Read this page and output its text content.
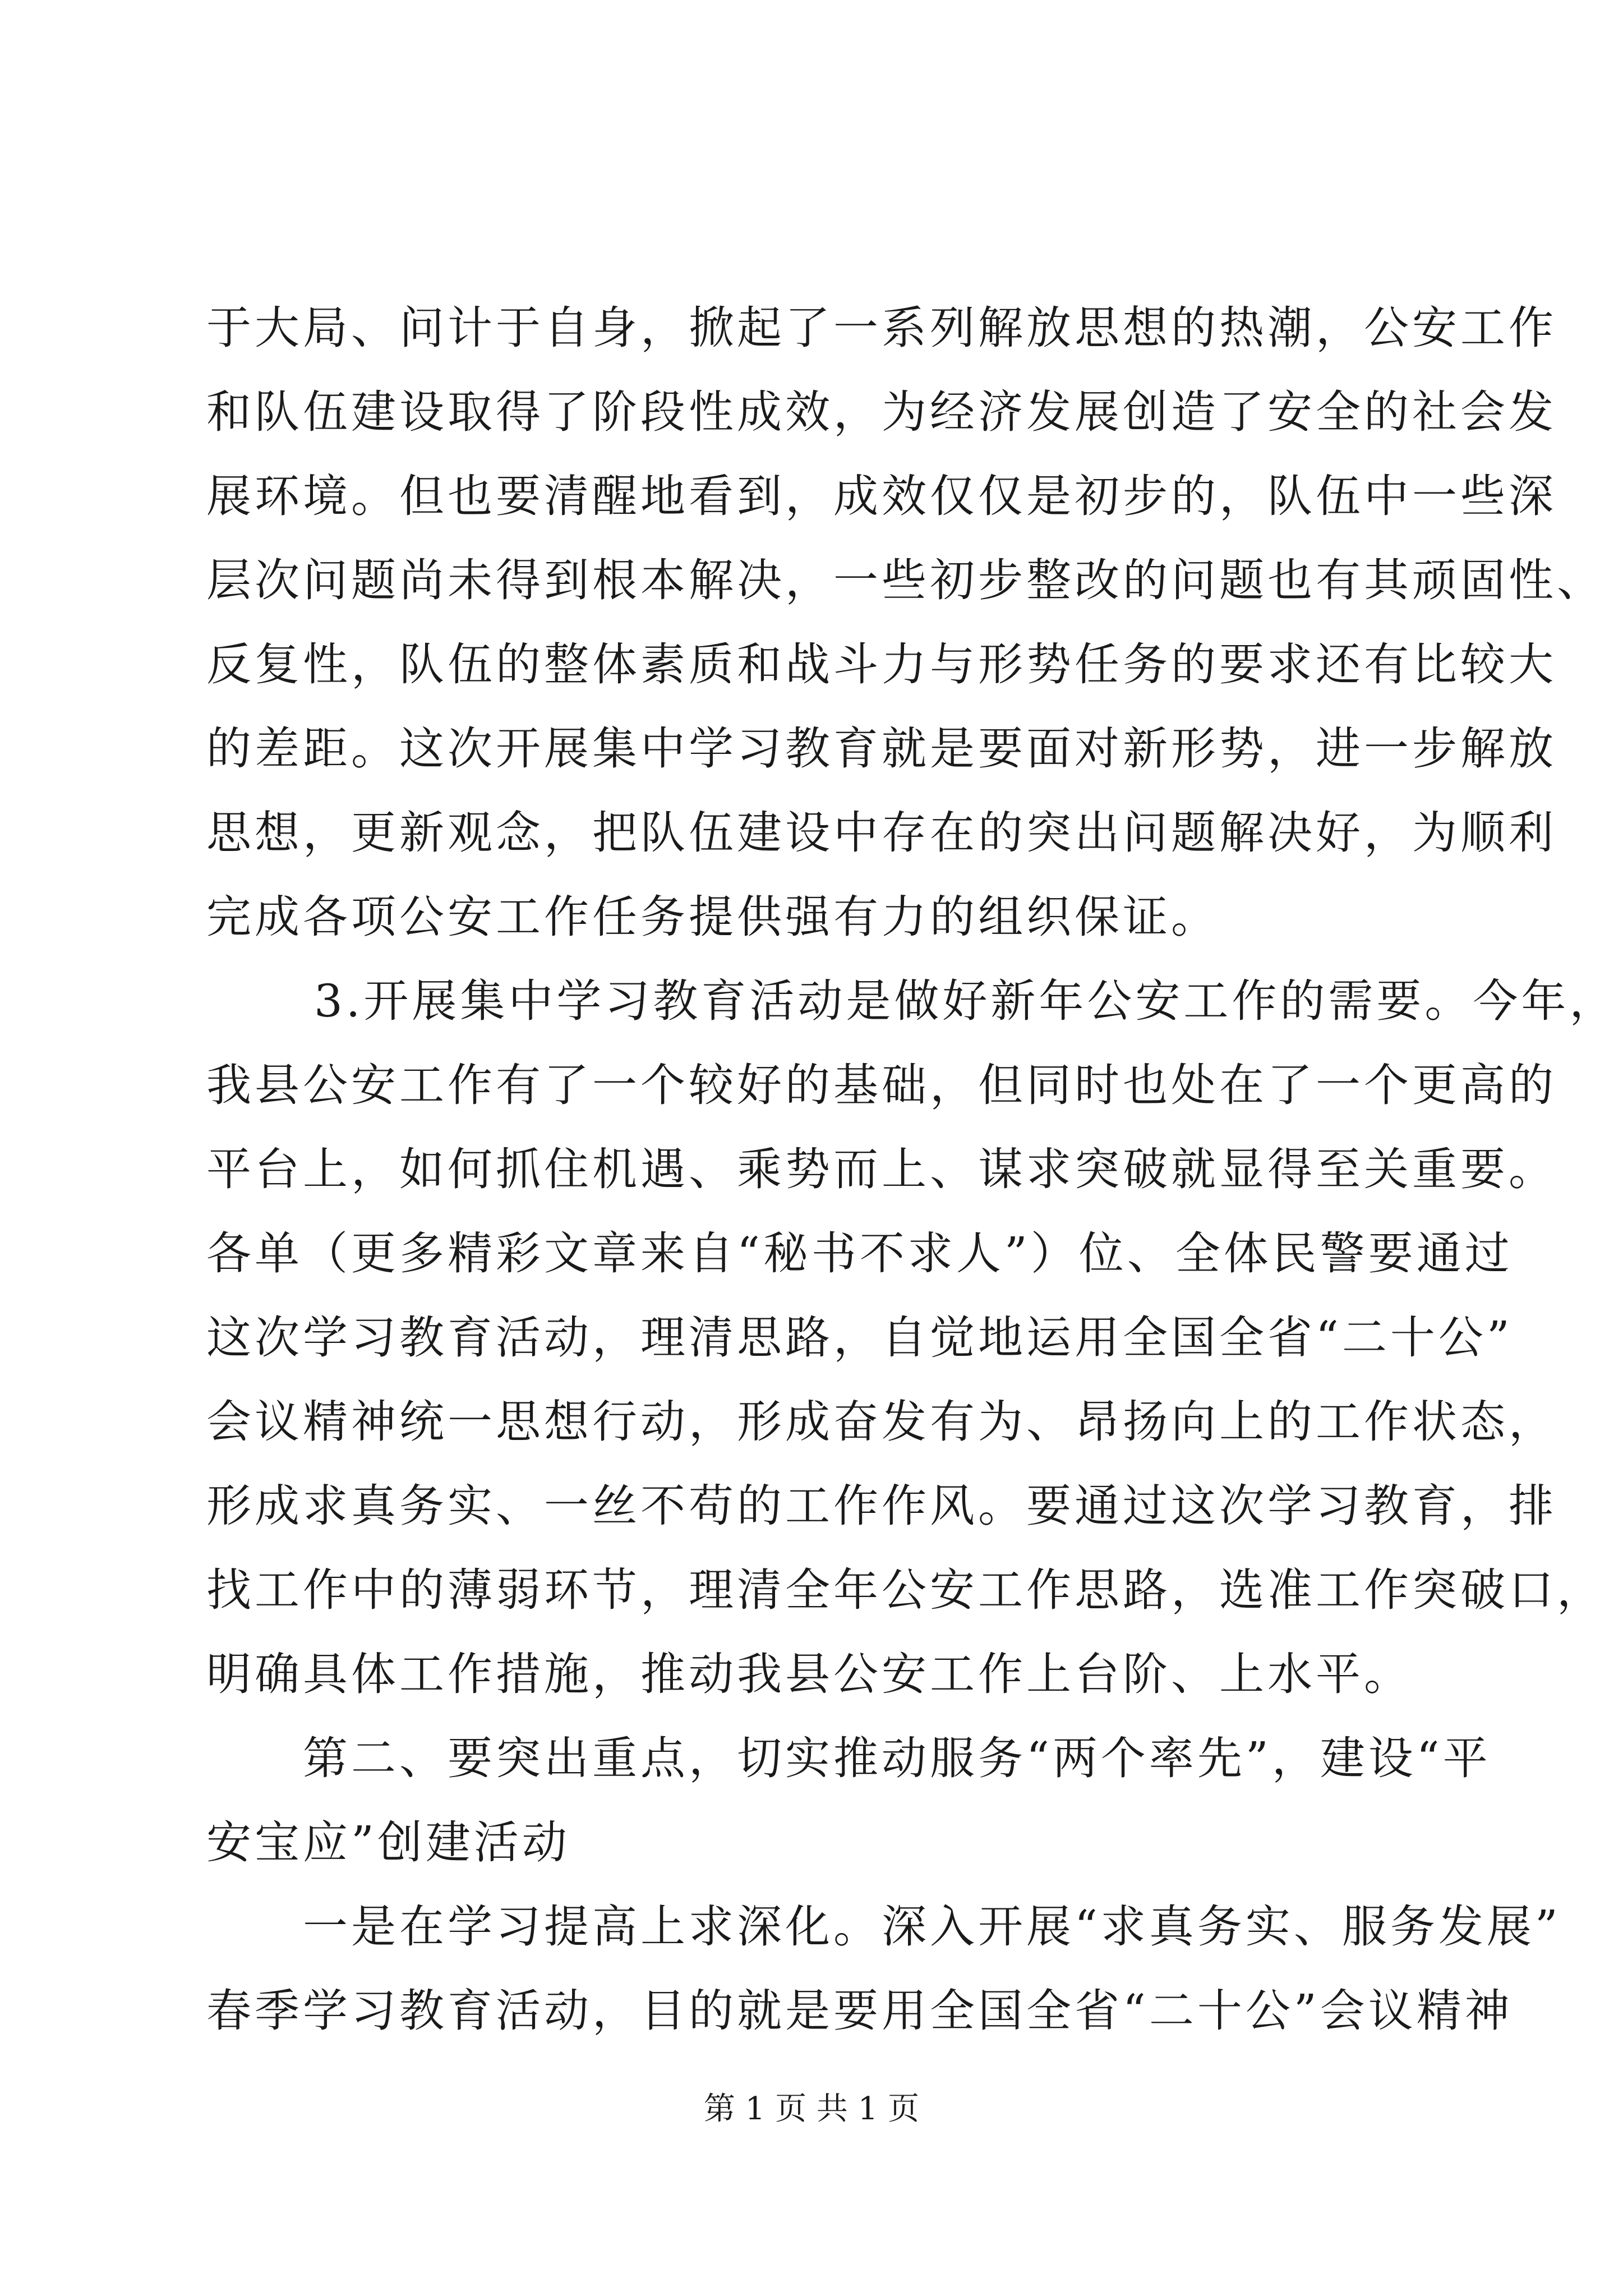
于大局、问计于自身，掀起了一系列解放思想的热潮，公安工作
和队伍建设取得了阶段性成效，为经济发展创造了安全的社会发
展环境。但也要清醒地看到，成效仅仅是初步的，队伍中一些深
层次问题尚未得到根本解决，一些初步整改的问题也有其顽固性、
反复性，队伍的整体素质和战斗力与形势任务的要求还有比较大
的差距。这次开展集中学习教育就是要面对新形势，进一步解放
思想，更新观念，把队伍建设中存在的突出问题解决好，为顺利
完成各项公安工作任务提供强有力的组织保证。
3.开展集中学习教育活动是做好新年公安工作的需要。今年，
我县公安工作有了一个较好的基础，但同时也处在了一个更高的
平台上，如何抓住机遇、乘势而上、谋求突破就显得至关重要。
各单（更多精彩文章来自“秘书不求人”）位、全体民警要通过
这次学习教育活动，理清思路，自觉地运用全国全省“二十公”
会议精神统一思想行动，形成奋发有为、昂扬向上的工作状态，
形成求真务实、一丝不苟的工作作风。要通过这次学习教育，排
找工作中的薄弱环节，理清全年公安工作思路，选准工作突破口，
明确具体工作措施，推动我县公安工作上台阶、上水平。
第二、要突出重点，切实推动服务“两个率先”，建设“平
安宝应”创建活动
一是在学习提高上求深化。深入开展“求真务实、服务发展”
春季学习教育活动，目的就是要用全国全省“二十公”会议精神
第 1 页 共 1 页
